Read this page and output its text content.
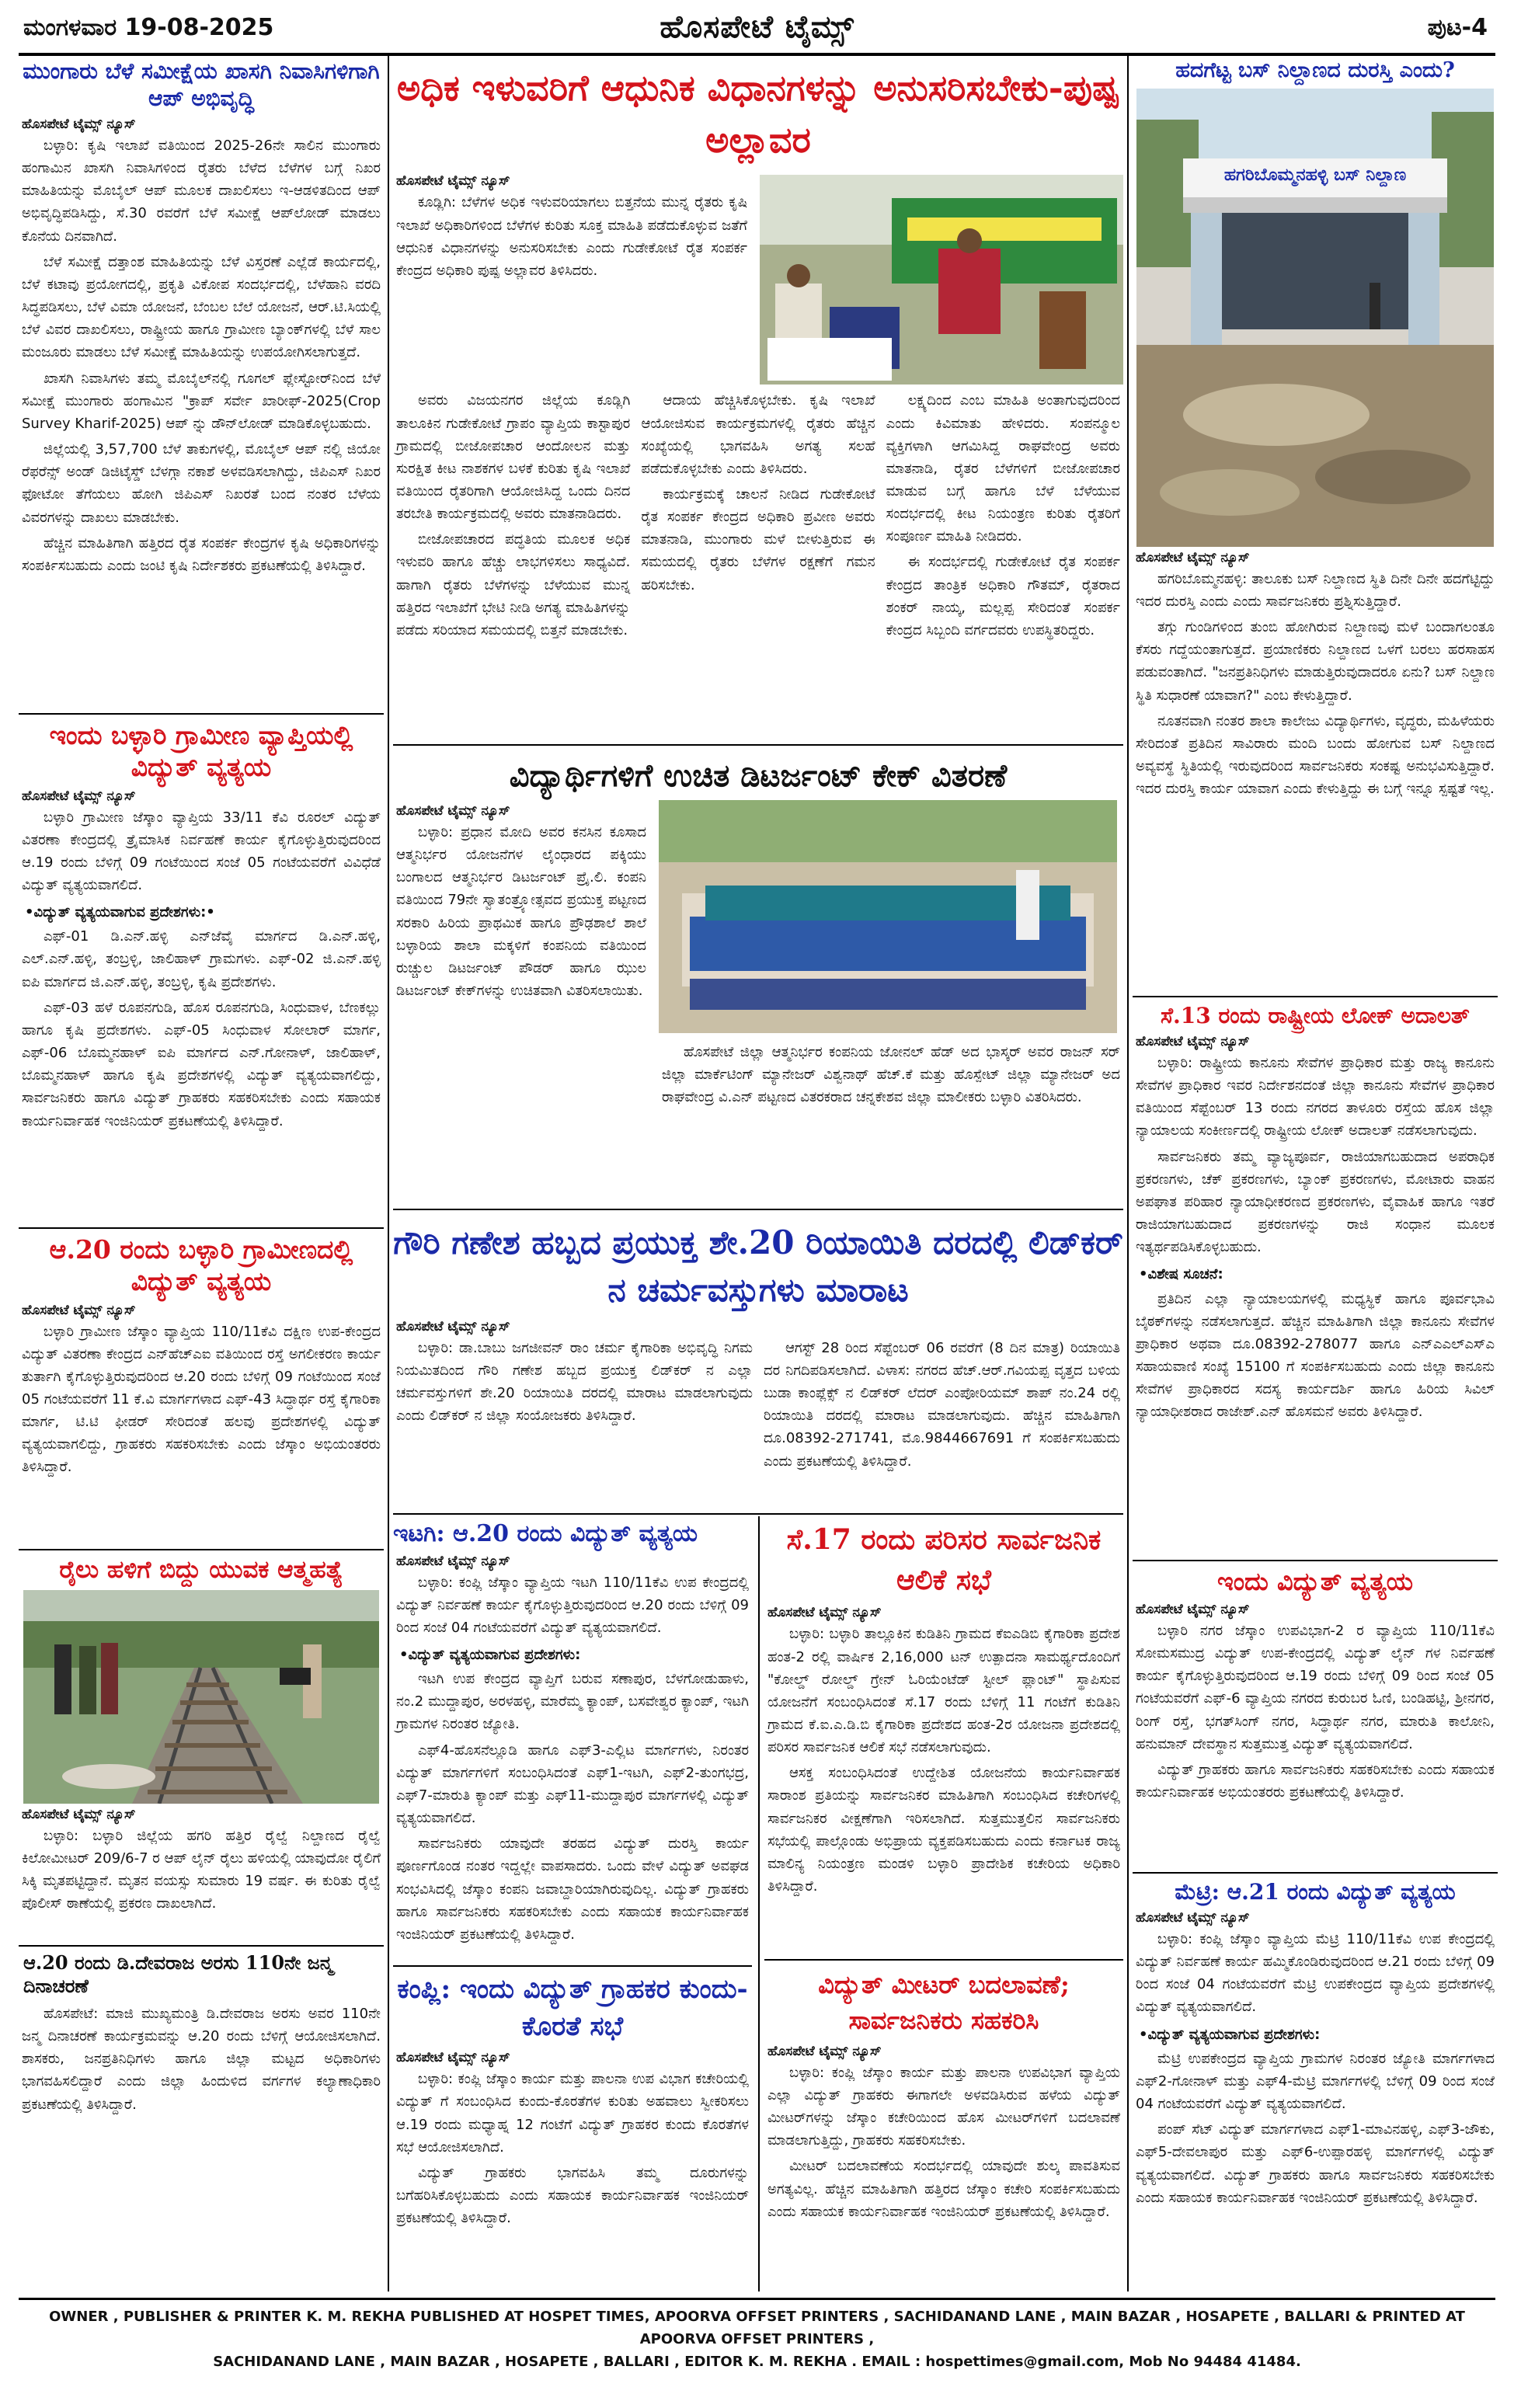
ಮಂಗಳವಾರ 19-08-2025	ಹೊಸಪೇಟೆ ಟೈಮ್ಸ್	ಪುಟ-4
ಮುಂಗಾರು ಬೆಳೆ ಸಮೀಕ್ಷೆಯ ಖಾಸಗಿ ನಿವಾಸಿಗಳಿಗಾಗಿ ಆಪ್ ಅಭಿವೃದ್ಧಿ
ಹೊಸಪೇಟೆ ಟೈಮ್ಸ್ ನ್ಯೂಸ್

ಬಳ್ಳಾರಿ: ಕೃಷಿ ಇಲಾಖೆ ವತಿಯಿಂದ 2025-26ನೇ ಸಾಲಿನ ಮುಂಗಾರು ಹಂಗಾಮಿನ ಖಾಸಗಿ ನಿವಾಸಿಗಳಿಂದ ರೈತರು ಬೆಳೆದ ಬೆಳೆಗಳ ಬಗ್ಗೆ ನಿಖರ ಮಾಹಿತಿಯನ್ನು ಮೊಬೈಲ್ ಆಪ್ ಮೂಲಕ ದಾಖಲಿಸಲು ಇ-ಆಡಳಿತದಿಂದ ಆಪ್ ಅಭಿವೃದ್ಧಿಪಡಿಸಿದ್ದು, ಸೆ.30 ರವರೆಗೆ ಬೆಳೆ ಸಮೀಕ್ಷೆ ಆಪ್‌ಲೋಡ್ ಮಾಡಲು ಕೊನೆಯ ದಿನವಾಗಿದೆ.

ಬೆಳೆ ಸಮೀಕ್ಷೆ ದತ್ತಾಂಶ ಮಾಹಿತಿಯನ್ನು ಬೆಳೆ ವಿಸ್ತರಣೆ ಎಲ್ಲೆಡೆ ಕಾರ್ಯದಲ್ಲಿ, ಬೆಳೆ ಕಟಾವು ಪ್ರಯೋಗದಲ್ಲಿ, ಪ್ರಕೃತಿ ವಿಕೋಪ ಸಂದರ್ಭದಲ್ಲಿ, ಬೆಳೆಹಾನಿ ವರದಿ ಸಿದ್ಧಪಡಿಸಲು, ಬೆಳೆ ವಿಮಾ ಯೋಜನೆ, ಬೆಂಬಲ ಬೆಲೆ ಯೋಜನೆ, ಆರ್.ಟಿ.ಸಿಯಲ್ಲಿ ಬೆಳೆ ವಿವರ ದಾಖಲಿಸಲು, ರಾಷ್ಟ್ರೀಯ ಹಾಗೂ ಗ್ರಾಮೀಣ ಬ್ಯಾಂಕ್‌ಗಳಲ್ಲಿ ಬೆಳೆ ಸಾಲ ಮಂಜೂರು ಮಾಡಲು ಬೆಳೆ ಸಮೀಕ್ಷೆ ಮಾಹಿತಿಯನ್ನು ಉಪಯೋಗಿಸಲಾಗುತ್ತದೆ.

ಖಾಸಗಿ ನಿವಾಸಿಗಳು ತಮ್ಮ ಮೊಬೈಲ್‌ನಲ್ಲಿ ಗೂಗಲ್ ಪ್ಲೇಸ್ಟೋರ್‌ನಿಂದ ಬೆಳೆ ಸಮೀಕ್ಷೆ ಮುಂಗಾರು ಹಂಗಾಮಿನ "ಕ್ರಾಪ್ ಸರ್ವೇ ಖಾರೀಫ್-2025(Crop Survey Kharif-2025) ಆಪ್ ನ್ನು ಡೌನ್‌ಲೋಡ್ ಮಾಡಿಕೊಳ್ಳಬಹುದು.

ಜಿಲ್ಲೆಯಲ್ಲಿ 3,57,700 ಬೆಳೆ ತಾಕುಗಳಲ್ಲಿ, ಮೊಬೈಲ್ ಆಪ್ ನಲ್ಲಿ ಜಿಯೋ ರೆಫರೆನ್ಸ್ ಅಂಡ್ ಡಿಜಿಟೈಸ್ಡ್ ಬೆಳಗ್ಗಾ ನಕಾಶೆ ಅಳವಡಿಸಲಾಗಿದ್ದು, ಜಿಪಿಎಸ್ ನಿಖರ ಫೋಟೋ ತೆಗೆಯಲು ಹೋಗಿ ಜಿಪಿಎಸ್ ನಿಖರತೆ ಬಂದ ನಂತರ ಬೆಳೆಯ ವಿವರಗಳನ್ನು ದಾಖಲು ಮಾಡಬೇಕು.

ಹೆಚ್ಚಿನ ಮಾಹಿತಿಗಾಗಿ ಹತ್ತಿರದ ರೈತ ಸಂಪರ್ಕ ಕೇಂದ್ರಗಳ ಕೃಷಿ ಅಧಿಕಾರಿಗಳನ್ನು ಸಂಪರ್ಕಿಸಬಹುದು ಎಂದು ಜಂಟಿ ಕೃಷಿ ನಿರ್ದೇಶಕರು ಪ್ರಕಟಣೆಯಲ್ಲಿ ತಿಳಿಸಿದ್ದಾರೆ.

ಇಂದು ಬಳ್ಳಾರಿ ಗ್ರಾಮೀಣ ವ್ಯಾಪ್ತಿಯಲ್ಲಿ ವಿದ್ಯುತ್ ವ್ಯತ್ಯಯ
ಹೊಸಪೇಟೆ ಟೈಮ್ಸ್ ನ್ಯೂಸ್

ಬಳ್ಳಾರಿ ಗ್ರಾಮೀಣ ಜೆಸ್ಕಾಂ ವ್ಯಾಪ್ತಿಯ 33/11 ಕೆವಿ ರೂರಲ್ ವಿದ್ಯುತ್ ವಿತರಣಾ ಕೇಂದ್ರದಲ್ಲಿ ತ್ರೈಮಾಸಿಕ ನಿರ್ವಹಣೆ ಕಾರ್ಯ ಕೈಗೊಳ್ಳುತ್ತಿರುವುದರಿಂದ ಆ.19 ರಂದು ಬೆಳಿಗ್ಗೆ 09 ಗಂಟೆಯಿಂದ ಸಂಜೆ 05 ಗಂಟೆಯವರೆಗೆ ವಿವಿಧೆಡೆ ವಿದ್ಯುತ್ ವ್ಯತ್ಯಯವಾಗಲಿದೆ.

•ವಿದ್ಯುತ್ ವ್ಯತ್ಯಯವಾಗುವ ಪ್ರದೇಶಗಳು:•

ಎಫ್-01 ಡಿ.ಎನ್.ಹಳ್ಳಿ ಎನ್‌ಜೆವೈ ಮಾರ್ಗದ ಡಿ.ಎನ್.ಹಳ್ಳಿ, ಎಲ್.ಎನ್.ಹಳ್ಳಿ, ತಂಬ್ರಳ್ಳಿ, ಜಾಲಿಹಾಳ್ ಗ್ರಾಮಗಳು. ಎಫ್-02 ಜಿ.ಎನ್.ಹಳ್ಳಿ ಐಪಿ ಮಾರ್ಗದ ಜಿ.ಎನ್.ಹಳ್ಳಿ, ತಂಬ್ರಳ್ಳಿ, ಕೃಷಿ ಪ್ರದೇಶಗಳು.

ಎಫ್-03 ಹಳೆ ರೂಪನಗುಡಿ, ಹೊಸ ರೂಪನಗುಡಿ, ಸಿಂಧುವಾಳ, ಬೆಣಕಲ್ಲು ಹಾಗೂ ಕೃಷಿ ಪ್ರದೇಶಗಳು. ಎಫ್-05 ಸಿಂಧುವಾಳ ಸೋಲಾರ್ ಮಾರ್ಗ, ಎಫ್-06 ಬೊಮ್ಮನಹಾಳ್ ಐಪಿ ಮಾರ್ಗದ ಎನ್.ಗೋನಾಳ್, ಜಾಲಿಹಾಳ್, ಬೊಮ್ಮನಹಾಳ್ ಹಾಗೂ ಕೃಷಿ ಪ್ರದೇಶಗಳಲ್ಲಿ ವಿದ್ಯುತ್ ವ್ಯತ್ಯಯವಾಗಲಿದ್ದು, ಸಾರ್ವಜನಿಕರು ಹಾಗೂ ವಿದ್ಯುತ್ ಗ್ರಾಹಕರು ಸಹಕರಿಸಬೇಕು ಎಂದು ಸಹಾಯಕ ಕಾರ್ಯನಿರ್ವಾಹಕ ಇಂಜಿನಿಯರ್ ಪ್ರಕಟಣೆಯಲ್ಲಿ ತಿಳಿಸಿದ್ದಾರೆ.

ಆ.20 ರಂದು ಬಳ್ಳಾರಿ ಗ್ರಾಮೀಣದಲ್ಲಿ ವಿದ್ಯುತ್ ವ್ಯತ್ಯಯ
ಹೊಸಪೇಟೆ ಟೈಮ್ಸ್ ನ್ಯೂಸ್

ಬಳ್ಳಾರಿ ಗ್ರಾಮೀಣ ಜೆಸ್ಕಾಂ ವ್ಯಾಪ್ತಿಯ 110/11ಕೆವಿ ದಕ್ಷಿಣ ಉಪ-ಕೇಂದ್ರದ ವಿದ್ಯುತ್ ವಿತರಣಾ ಕೇಂದ್ರದ ಎನ್‌ಹೆಚ್‌ಎಐ ವತಿಯಿಂದ ರಸ್ತೆ ಅಗಲೀಕರಣ ಕಾರ್ಯ ತುರ್ತಾಗಿ ಕೈಗೊಳ್ಳುತ್ತಿರುವುದರಿಂದ ಆ.20 ರಂದು ಬೆಳಿಗ್ಗೆ 09 ಗಂಟೆಯಿಂದ ಸಂಜೆ 05 ಗಂಟೆಯವರೆಗೆ 11 ಕೆ.ವಿ ಮಾರ್ಗಗಳಾದ ಎಫ್-43 ಸಿದ್ಧಾರ್ಥ ರಸ್ತೆ ಕೈಗಾರಿಕಾ ಮಾರ್ಗ, ಟಿ.ಟಿ ಫೀಡರ್ ಸೇರಿದಂತೆ ಹಲವು ಪ್ರದೇಶಗಳಲ್ಲಿ ವಿದ್ಯುತ್ ವ್ಯತ್ಯಯವಾಗಲಿದ್ದು, ಗ್ರಾಹಕರು ಸಹಕರಿಸಬೇಕು ಎಂದು ಜೆಸ್ಕಾಂ ಅಭಿಯಂತರರು ತಿಳಿಸಿದ್ದಾರೆ.

ರೈಲು ಹಳಿಗೆ ಬಿದ್ದು ಯುವಕ ಆತ್ಮಹತ್ಯೆ
ಹೊಸಪೇಟೆ ಟೈಮ್ಸ್ ನ್ಯೂಸ್

ಬಳ್ಳಾರಿ: ಬಳ್ಳಾರಿ ಜಿಲ್ಲೆಯ ಹಗರಿ ಹತ್ತಿರ ರೈಲ್ವೆ ನಿಲ್ದಾಣದ ರೈಲ್ವೆ ಕಿಲೋಮೀಟರ್ 209/6-7 ರ ಆಪ್ ಲೈನ್ ರೈಲು ಹಳಿಯಲ್ಲಿ ಯಾವುದೋ ರೈಲಿಗೆ ಸಿಕ್ಕಿ ಮೃತಪಟ್ಟಿದ್ದಾನೆ. ಮೃತನ ವಯಸ್ಸು ಸುಮಾರು 19 ವರ್ಷ. ಈ ಕುರಿತು ರೈಲ್ವೆ ಪೊಲೀಸ್ ಠಾಣೆಯಲ್ಲಿ ಪ್ರಕರಣ ದಾಖಲಾಗಿದೆ.

ಆ.20 ರಂದು ಡಿ.ದೇವರಾಜ ಅರಸು 110ನೇ ಜನ್ಮ ದಿನಾಚರಣೆ

ಹೊಸಪೇಟೆ: ಮಾಜಿ ಮುಖ್ಯಮಂತ್ರಿ ಡಿ.ದೇವರಾಜ ಅರಸು ಅವರ 110ನೇ ಜನ್ಮ ದಿನಾಚರಣೆ ಕಾರ್ಯಕ್ರಮವನ್ನು ಆ.20 ರಂದು ಬೆಳಿಗ್ಗೆ ಆಯೋಜಿಸಲಾಗಿದೆ. ಶಾಸಕರು, ಜನಪ್ರತಿನಿಧಿಗಳು ಹಾಗೂ ಜಿಲ್ಲಾ ಮಟ್ಟದ ಅಧಿಕಾರಿಗಳು ಭಾಗವಹಿಸಲಿದ್ದಾರೆ ಎಂದು ಜಿಲ್ಲಾ ಹಿಂದುಳಿದ ವರ್ಗಗಳ ಕಲ್ಯಾಣಾಧಿಕಾರಿ ಪ್ರಕಟಣೆಯಲ್ಲಿ ತಿಳಿಸಿದ್ದಾರೆ.

ಅಧಿಕ ಇಳುವರಿಗೆ ಆಧುನಿಕ ವಿಧಾನಗಳನ್ನು ಅನುಸರಿಸಬೇಕು-ಪುಷ್ಪ ಅಲ್ಲಾವರ
ಹೊಸಪೇಟೆ ಟೈಮ್ಸ್ ನ್ಯೂಸ್

ಕೂಡ್ಲಿಗಿ: ಬೆಳೆಗಳ ಅಧಿಕ ಇಳುವರಿಯಾಗಲು ಬಿತ್ತನೆಯ ಮುನ್ನ ರೈತರು ಕೃಷಿ ಇಲಾಖೆ ಅಧಿಕಾರಿಗಳಿಂದ ಬೆಳೆಗಳ ಕುರಿತು ಸೂಕ್ತ ಮಾಹಿತಿ ಪಡೆದುಕೊಳ್ಳುವ ಜತೆಗೆ ಆಧುನಿಕ ವಿಧಾನಗಳನ್ನು ಅನುಸರಿಸಬೇಕು ಎಂದು ಗುಡೇಕೋಟೆ ರೈತ ಸಂಪರ್ಕ ಕೇಂದ್ರದ ಅಧಿಕಾರಿ ಪುಷ್ಪ ಅಲ್ಲಾವರ ತಿಳಿಸಿದರು.

ಅವರು ವಿಜಯನಗರ ಜಿಲ್ಲೆಯ ಕೂಡ್ಲಿಗಿ ತಾಲೂಕಿನ ಗುಡೇಕೋಟೆ ಗ್ರಾಪಂ ವ್ಯಾಪ್ತಿಯ ಕಾಸ್ಟಾಪುರ ಗ್ರಾಮದಲ್ಲಿ ಬೀಜೋಪಚಾರ ಆಂದೋಲನ ಮತ್ತು ಸುರಕ್ಷಿತ ಕೀಟ ನಾಶಕಗಳ ಬಳಕೆ ಕುರಿತು ಕೃಷಿ ಇಲಾಖೆ ವತಿಯಿಂದ ರೈತರಿಗಾಗಿ ಆಯೋಜಿಸಿದ್ದ ಒಂದು ದಿನದ ತರಬೇತಿ ಕಾರ್ಯಕ್ರಮದಲ್ಲಿ ಅವರು ಮಾತನಾಡಿದರು.

ಬೀಜೋಪಚಾರದ ಪದ್ಧತಿಯ ಮೂಲಕ ಅಧಿಕ ಇಳುವರಿ ಹಾಗೂ ಹೆಚ್ಚು ಲಾಭಗಳಿಸಲು ಸಾಧ್ಯವಿದೆ. ಹಾಗಾಗಿ ರೈತರು ಬೆಳೆಗಳನ್ನು ಬೆಳೆಯುವ ಮುನ್ನ ಹತ್ತಿರದ ಇಲಾಖೆಗೆ ಭೇಟಿ ನೀಡಿ ಅಗತ್ಯ ಮಾಹಿತಿಗಳನ್ನು ಪಡೆದು ಸರಿಯಾದ ಸಮಯದಲ್ಲಿ ಬಿತ್ತನೆ ಮಾಡಬೇಕು.

ಆದಾಯ ಹೆಚ್ಚಿಸಿಕೊಳ್ಳಬೇಕು. ಕೃಷಿ ಇಲಾಖೆ ಆಯೋಜಿಸುವ ಕಾರ್ಯಕ್ರಮಗಳಲ್ಲಿ ರೈತರು ಹೆಚ್ಚಿನ ಸಂಖ್ಯೆಯಲ್ಲಿ ಭಾಗವಹಿಸಿ ಅಗತ್ಯ ಸಲಹೆ ಪಡೆದುಕೊಳ್ಳಬೇಕು ಎಂದು ತಿಳಿಸಿದರು.

ಕಾರ್ಯಕ್ರಮಕ್ಕೆ ಚಾಲನೆ ನೀಡಿದ ಗುಡೇಕೋಟೆ ರೈತ ಸಂಪರ್ಕ ಕೇಂದ್ರದ ಅಧಿಕಾರಿ ಪ್ರವೀಣ ಅವರು ಮಾತನಾಡಿ, ಮುಂಗಾರು ಮಳೆ ಬೀಳುತ್ತಿರುವ ಈ ಸಮಯದಲ್ಲಿ ರೈತರು ಬೆಳೆಗಳ ರಕ್ಷಣೆಗೆ ಗಮನ ಹರಿಸಬೇಕು.

ಲಕ್ಷ್ಯದಿಂದ ಎಂಬ ಮಾಹಿತಿ ಅಂತಾಗುವುದರಿಂದ ಎಂದು ಕಿವಿಮಾತು ಹೇಳಿದರು. ಸಂಪನ್ಮೂಲ ವ್ಯಕ್ತಿಗಳಾಗಿ ಆಗಮಿಸಿದ್ದ ರಾಘವೇಂದ್ರ ಅವರು ಮಾತನಾಡಿ, ರೈತರ ಬೆಳೆಗಳಿಗೆ ಬೀಜೋಪಚಾರ ಮಾಡುವ ಬಗ್ಗೆ ಹಾಗೂ ಬೆಳೆ ಬೆಳೆಯುವ ಸಂದರ್ಭದಲ್ಲಿ ಕೀಟ ನಿಯಂತ್ರಣ ಕುರಿತು ರೈತರಿಗೆ ಸಂಪೂರ್ಣ ಮಾಹಿತಿ ನೀಡಿದರು.

ಈ ಸಂದರ್ಭದಲ್ಲಿ ಗುಡೇಕೋಟೆ ರೈತ ಸಂಪರ್ಕ ಕೇಂದ್ರದ ತಾಂತ್ರಿಕ ಅಧಿಕಾರಿ ಗೌತಮ್, ರೈತರಾದ ಶಂಕರ್ ನಾಯ್ಕ, ಮಲ್ಲಪ್ಪ ಸೇರಿದಂತೆ ಸಂಪರ್ಕ ಕೇಂದ್ರದ ಸಿಬ್ಬಂದಿ ವರ್ಗದವರು ಉಪಸ್ಥಿತರಿದ್ದರು.

ವಿದ್ಯಾರ್ಥಿಗಳಿಗೆ ಉಚಿತ ಡಿಟರ್ಜಂಟ್ ಕೇಕ್ ವಿತರಣೆ
ಹೊಸಪೇಟೆ ಟೈಮ್ಸ್ ನ್ಯೂಸ್

ಬಳ್ಳಾರಿ: ಪ್ರಧಾನ ಮೋದಿ ಅವರ ಕನಸಿನ ಕೂಸಾದ ಆತ್ಮನಿರ್ಭರ ಯೋಜನೆಗಳ ಲೈಂಧಾರದ ಪಕ್ಕಿಯು ಬಂಗಾಲದ ಆತ್ಮನಿರ್ಭರ ಡಿಟರ್ಜಂಟ್ ಪ್ರೈ.ಲಿ. ಕಂಪನಿ ವತಿಯಿಂದ 79ನೇ ಸ್ವಾತಂತ್ರ್ಯೋತ್ಸವದ ಪ್ರಯುಕ್ತ ಪಟ್ಟಣದ ಸರಕಾರಿ ಹಿರಿಯ ಪ್ರಾಥಮಿಕ ಹಾಗೂ ಪ್ರೌಢಶಾಲೆ ಶಾಲೆ ಬಳ್ಳಾರಿಯ ಶಾಲಾ ಮಕ್ಕಳಿಗೆ ಕಂಪನಿಯ ವತಿಯಿಂದ ರುಚ್ಚುಲ ಡಿಟರ್ಜಂಟ್ ಪೌಡರ್ ಹಾಗೂ ಝುಲ ಡಿಟರ್ಜಂಟ್ ಕೇಕ್‌ಗಳನ್ನು ಉಚಿತವಾಗಿ ವಿತರಿಸಲಾಯಿತು.

ಹೊಸಪೇಟೆ ಜಿಲ್ಲಾ ಆತ್ಮನಿರ್ಭರ ಕಂಪನಿಯ ಜೋನಲ್ ಹೆಡ್ ಅದ ಭಾಸ್ಕರ್ ಅವರ ರಾಜನ್ ಸರ್ ಜಿಲ್ಲಾ ಮಾರ್ಕೆಟಿಂಗ್ ಮ್ಯಾನೇಜರ್ ವಿಶ್ವನಾಥ್ ಹೆಚ್.ಕೆ ಮತ್ತು ಹೊಸ್ಪೇಟ್ ಜಿಲ್ಲಾ ಮ್ಯಾನೇಜರ್ ಅದ ರಾಘವೇಂದ್ರ ವಿ.ಎನ್ ಪಟ್ಟಣದ ವಿತರಕರಾದ ಚನ್ನಕೇಶವ ಜಿಲ್ಲಾ ಮಾಲೀಕರು ಬಳ್ಳಾರಿ ವಿತರಿಸಿದರು.

ಗೌರಿ ಗಣೇಶ ಹಬ್ಬದ ಪ್ರಯುಕ್ತ ಶೇ.20 ರಿಯಾಯಿತಿ ದರದಲ್ಲಿ ಲಿಡ್‌ಕರ್ ನ ಚರ್ಮವಸ್ತುಗಳು ಮಾರಾಟ
ಹೊಸಪೇಟೆ ಟೈಮ್ಸ್ ನ್ಯೂಸ್

ಬಳ್ಳಾರಿ: ಡಾ.ಬಾಬು ಜಗಜೀವನ್ ರಾಂ ಚರ್ಮ ಕೈಗಾರಿಕಾ ಅಭಿವೃದ್ಧಿ ನಿಗಮ ನಿಯಮಿತದಿಂದ ಗೌರಿ ಗಣೇಶ ಹಬ್ಬದ ಪ್ರಯುಕ್ತ ಲಿಡ್‌ಕರ್ ನ ಎಲ್ಲಾ ಚರ್ಮವಸ್ತುಗಳಿಗೆ ಶೇ.20 ರಿಯಾಯಿತಿ ದರದಲ್ಲಿ ಮಾರಾಟ ಮಾಡಲಾಗುವುದು ಎಂದು ಲಿಡ್‌ಕರ್ ನ ಜಿಲ್ಲಾ ಸಂಯೋಜಕರು ತಿಳಿಸಿದ್ದಾರೆ.

ಆಗಸ್ಟ್ 28 ರಿಂದ ಸೆಪ್ಟೆಂಬರ್ 06 ರವರೆಗೆ (8 ದಿನ ಮಾತ್ರ) ರಿಯಾಯಿತಿ ದರ ನಿಗದಿಪಡಿಸಲಾಗಿದೆ. ವಿಳಾಸ: ನಗರದ ಹೆಚ್.ಆರ್.ಗವಿಯಪ್ಪ ವೃತ್ತದ ಬಳಿಯ ಬುಡಾ ಕಾಂಪ್ಲೆಕ್ಸ್ ನ ಲಿಡ್‌ಕರ್ ಲೆದರ್ ಎಂಪೋರಿಯಮ್ ಶಾಪ್ ನಂ.24 ರಲ್ಲಿ ರಿಯಾಯಿತಿ ದರದಲ್ಲಿ ಮಾರಾಟ ಮಾಡಲಾಗುವುದು. ಹೆಚ್ಚಿನ ಮಾಹಿತಿಗಾಗಿ ದೂ.08392-271741, ಮೊ.9844667691 ಗೆ ಸಂಪರ್ಕಿಸಬಹುದು ಎಂದು ಪ್ರಕಟಣೆಯಲ್ಲಿ ತಿಳಿಸಿದ್ದಾರೆ.

ಇಟಗಿ: ಆ.20 ರಂದು ವಿದ್ಯುತ್ ವ್ಯತ್ಯಯ
ಹೊಸಪೇಟೆ ಟೈಮ್ಸ್ ನ್ಯೂಸ್

ಬಳ್ಳಾರಿ: ಕಂಪ್ಲಿ ಜೆಸ್ಕಾಂ ವ್ಯಾಪ್ತಿಯ ಇಟಗಿ 110/11ಕೆವಿ ಉಪ ಕೇಂದ್ರದಲ್ಲಿ ವಿದ್ಯುತ್ ನಿರ್ವಹಣೆ ಕಾರ್ಯ ಕೈಗೊಳ್ಳುತ್ತಿರುವುದರಿಂದ ಆ.20 ರಂದು ಬೆಳಿಗ್ಗೆ 09 ರಿಂದ ಸಂಜೆ 04 ಗಂಟೆಯವರೆಗೆ ವಿದ್ಯುತ್ ವ್ಯತ್ಯಯವಾಗಲಿದೆ.

•ವಿದ್ಯುತ್ ವ್ಯತ್ಯಯವಾಗುವ ಪ್ರದೇಶಗಳು:

ಇಟಗಿ ಉಪ ಕೇಂದ್ರದ ವ್ಯಾಪ್ತಿಗೆ ಬರುವ ಸಣಾಪುರ, ಬೆಳಗೋಡುಹಾಳು, ನಂ.2 ಮುದ್ದಾಪುರ, ಅರಳಹಳ್ಳಿ, ಮಾರೆಮ್ಮ ಕ್ಯಾಂಪ್, ಬಸವೇಶ್ವರ ಕ್ಯಾಂಪ್, ಇಟಗಿ ಗ್ರಾಮಗಳ ನಿರಂತರ ಜ್ಯೋತಿ.

ಎಫ್4-ಹೊಸನೆಲ್ಲೂಡಿ ಹಾಗೂ ಎಫ್3-ಎಲ್ಲಿಟ ಮಾರ್ಗಗಳು, ನಿರಂತರ ವಿದ್ಯುತ್ ಮಾರ್ಗಗಳಿಗೆ ಸಂಬಂಧಿಸಿದಂತೆ ಎಫ್1-ಇಟಗಿ, ಎಫ್2-ತುಂಗಭದ್ರ, ಎಫ್7-ಮಾರುತಿ ಕ್ಯಾಂಪ್ ಮತ್ತು ಎಫ್11-ಮುದ್ದಾಪುರ ಮಾರ್ಗಗಳಲ್ಲಿ ವಿದ್ಯುತ್ ವ್ಯತ್ಯಯವಾಗಲಿದೆ.

ಸಾರ್ವಜನಿಕರು ಯಾವುದೇ ತರಹದ ವಿದ್ಯುತ್ ದುರಸ್ತಿ ಕಾರ್ಯ ಪೂರ್ಣಗೊಂಡ ನಂತರ ಇದ್ದಲ್ಲೇ ವಾಪಸಾದರು. ಒಂದು ವೇಳೆ ವಿದ್ಯುತ್ ಅವಘಡ ಸಂಭವಿಸಿದಲ್ಲಿ ಜೆಸ್ಕಾಂ ಕಂಪನಿ ಜವಾಬ್ದಾರಿಯಾಗಿರುವುದಿಲ್ಲ. ವಿದ್ಯುತ್ ಗ್ರಾಹಕರು ಹಾಗೂ ಸಾರ್ವಜನಿಕರು ಸಹಕರಿಸಬೇಕು ಎಂದು ಸಹಾಯಕ ಕಾರ್ಯನಿರ್ವಾಹಕ ಇಂಜಿನಿಯರ್ ಪ್ರಕಟಣೆಯಲ್ಲಿ ತಿಳಿಸಿದ್ದಾರೆ.

ಕಂಪ್ಲಿ: ಇಂದು ವಿದ್ಯುತ್ ಗ್ರಾಹಕರ ಕುಂದು-ಕೊರತೆ ಸಭೆ
ಹೊಸಪೇಟೆ ಟೈಮ್ಸ್ ನ್ಯೂಸ್

ಬಳ್ಳಾರಿ: ಕಂಪ್ಲಿ ಜೆಸ್ಕಾಂ ಕಾರ್ಯ ಮತ್ತು ಪಾಲನಾ ಉಪ ವಿಭಾಗ ಕಚೇರಿಯಲ್ಲಿ ವಿದ್ಯುತ್ ಗೆ ಸಂಬಂಧಿಸಿದ ಕುಂದು-ಕೊರತೆಗಳ ಕುರಿತು ಅಹವಾಲು ಸ್ವೀಕರಿಸಲು ಆ.19 ರಂದು ಮಧ್ಯಾಹ್ನ 12 ಗಂಟೆಗೆ ವಿದ್ಯುತ್ ಗ್ರಾಹಕರ ಕುಂದು ಕೊರತೆಗಳ ಸಭೆ ಆಯೋಜಿಸಲಾಗಿದೆ.

ವಿದ್ಯುತ್ ಗ್ರಾಹಕರು ಭಾಗವಹಿಸಿ ತಮ್ಮ ದೂರುಗಳನ್ನು ಬಗೆಹರಿಸಿಕೊಳ್ಳಬಹುದು ಎಂದು ಸಹಾಯಕ ಕಾರ್ಯನಿರ್ವಾಹಕ ಇಂಜಿನಿಯರ್ ಪ್ರಕಟಣೆಯಲ್ಲಿ ತಿಳಿಸಿದ್ದಾರೆ.

ಸೆ.17 ರಂದು ಪರಿಸರ ಸಾರ್ವಜನಿಕ ಆಲಿಕೆ ಸಭೆ
ಹೊಸಪೇಟೆ ಟೈಮ್ಸ್ ನ್ಯೂಸ್

ಬಳ್ಳಾರಿ: ಬಳ್ಳಾರಿ ತಾಲ್ಲೂಕಿನ ಕುಡಿತಿನಿ ಗ್ರಾಮದ ಕೆಐಎಡಿಬಿ ಕೈಗಾರಿಕಾ ಪ್ರದೇಶ ಹಂತ-2 ರಲ್ಲಿ ವಾರ್ಷಿಕ 2,16,000 ಟನ್ ಉತ್ಪಾದನಾ ಸಾಮರ್ಥ್ಯದೊಂದಿಗೆ "ಕೋಲ್ಡ್ ರೋಲ್ಡ್ ಗ್ರೇನ್ ಓರಿಯೆಂಟೆಡ್ ಸ್ಟೀಲ್ ಪ್ಲಾಂಟ್" ಸ್ಥಾಪಿಸುವ ಯೋಜನೆಗೆ ಸಂಬಂಧಿಸಿದಂತೆ ಸೆ.17 ರಂದು ಬೆಳಿಗ್ಗೆ 11 ಗಂಟೆಗೆ ಕುಡಿತಿನಿ ಗ್ರಾಮದ ಕೆ.ಐ.ಎ.ಡಿ.ಬಿ ಕೈಗಾರಿಕಾ ಪ್ರದೇಶದ ಹಂತ-2ರ ಯೋಜನಾ ಪ್ರದೇಶದಲ್ಲಿ ಪರಿಸರ ಸಾರ್ವಜನಿಕ ಆಲಿಕೆ ಸಭೆ ನಡೆಸಲಾಗುವುದು.

ಆಸಕ್ತ ಸಂಬಂಧಿಸಿದಂತೆ ಉದ್ದೇಶಿತ ಯೋಜನೆಯ ಕಾರ್ಯನಿರ್ವಾಹಕ ಸಾರಾಂಶ ಪ್ರತಿಯನ್ನು ಸಾರ್ವಜನಿಕರ ಮಾಹಿತಿಗಾಗಿ ಸಂಬಂಧಿಸಿದ ಕಚೇರಿಗಳಲ್ಲಿ ಸಾರ್ವಜನಿಕರ ವೀಕ್ಷಣೆಗಾಗಿ ಇರಿಸಲಾಗಿದೆ. ಸುತ್ತಮುತ್ತಲಿನ ಸಾರ್ವಜನಿಕರು ಸಭೆಯಲ್ಲಿ ಪಾಲ್ಗೊಂಡು ಅಭಿಪ್ರಾಯ ವ್ಯಕ್ತಪಡಿಸಬಹುದು ಎಂದು ಕರ್ನಾಟಕ ರಾಜ್ಯ ಮಾಲಿನ್ಯ ನಿಯಂತ್ರಣ ಮಂಡಳಿ ಬಳ್ಳಾರಿ ಪ್ರಾದೇಶಿಕ ಕಚೇರಿಯ ಅಧಿಕಾರಿ ತಿಳಿಸಿದ್ದಾರೆ.

ವಿದ್ಯುತ್ ಮೀಟರ್ ಬದಲಾವಣೆ; ಸಾರ್ವಜನಿಕರು ಸಹಕರಿಸಿ
ಹೊಸಪೇಟೆ ಟೈಮ್ಸ್ ನ್ಯೂಸ್

ಬಳ್ಳಾರಿ: ಕಂಪ್ಲಿ ಜೆಸ್ಕಾಂ ಕಾರ್ಯ ಮತ್ತು ಪಾಲನಾ ಉಪವಿಭಾಗ ವ್ಯಾಪ್ತಿಯ ಎಲ್ಲಾ ವಿದ್ಯುತ್ ಗ್ರಾಹಕರು ಈಗಾಗಲೇ ಅಳವಡಿಸಿರುವ ಹಳೆಯ ವಿದ್ಯುತ್ ಮೀಟರ್‌ಗಳನ್ನು ಜೆಸ್ಕಾಂ ಕಚೇರಿಯಿಂದ ಹೊಸ ಮೀಟರ್‌ಗಳಿಗೆ ಬದಲಾವಣೆ ಮಾಡಲಾಗುತ್ತಿದ್ದು, ಗ್ರಾಹಕರು ಸಹಕರಿಸಬೇಕು.

ಮೀಟರ್ ಬದಲಾವಣೆಯ ಸಂದರ್ಭದಲ್ಲಿ ಯಾವುದೇ ಶುಲ್ಕ ಪಾವತಿಸುವ ಅಗತ್ಯವಿಲ್ಲ. ಹೆಚ್ಚಿನ ಮಾಹಿತಿಗಾಗಿ ಹತ್ತಿರದ ಜೆಸ್ಕಾಂ ಕಚೇರಿ ಸಂಪರ್ಕಿಸಬಹುದು ಎಂದು ಸಹಾಯಕ ಕಾರ್ಯನಿರ್ವಾಹಕ ಇಂಜಿನಿಯರ್ ಪ್ರಕಟಣೆಯಲ್ಲಿ ತಿಳಿಸಿದ್ದಾರೆ.

ಹದಗೆಟ್ಟ ಬಸ್ ನಿಲ್ದಾಣದ ದುರಸ್ತಿ ಎಂದು?
ಹಗರಿಬೊಮ್ಮನಹಳ್ಳಿ ಬಸ್ ನಿಲ್ದಾಣ
ಹೊಸಪೇಟೆ ಟೈಮ್ಸ್ ನ್ಯೂಸ್

ಹಗರಿಬೊಮ್ಮನಹಳ್ಳಿ: ತಾಲೂಕು ಬಸ್ ನಿಲ್ದಾಣದ ಸ್ಥಿತಿ ದಿನೇ ದಿನೇ ಹದಗೆಟ್ಟಿದ್ದು ಇದರ ದುರಸ್ತಿ ಎಂದು ಎಂದು ಸಾರ್ವಜನಿಕರು ಪ್ರಶ್ನಿಸುತ್ತಿದ್ದಾರೆ.

ತಗ್ಗು ಗುಂಡಿಗಳಿಂದ ತುಂಬಿ ಹೋಗಿರುವ ನಿಲ್ದಾಣವು ಮಳೆ ಬಂದಾಗಲಂತೂ ಕೆಸರು ಗದ್ದೆಯಂತಾಗುತ್ತದೆ. ಪ್ರಯಾಣಿಕರು ನಿಲ್ದಾಣದ ಒಳಗೆ ಬರಲು ಹರಸಾಹಸ ಪಡುವಂತಾಗಿದೆ. "ಜನಪ್ರತಿನಿಧಿಗಳು ಮಾಡುತ್ತಿರುವುದಾದರೂ ಏನು? ಬಸ್ ನಿಲ್ದಾಣ ಸ್ಥಿತಿ ಸುಧಾರಣೆ ಯಾವಾಗ?" ಎಂಬ ಕೇಳುತ್ತಿದ್ದಾರೆ.

ನೂತನವಾಗಿ ನಂತರ ಶಾಲಾ ಕಾಲೇಜು ವಿದ್ಯಾರ್ಥಿಗಳು, ವೃದ್ಧರು, ಮಹಿಳೆಯರು ಸೇರಿದಂತೆ ಪ್ರತಿದಿನ ಸಾವಿರಾರು ಮಂದಿ ಬಂದು ಹೋಗುವ ಬಸ್ ನಿಲ್ದಾಣದ ಅವ್ಯವಸ್ಥೆ ಸ್ಥಿತಿಯಲ್ಲಿ ಇರುವುದರಿಂದ ಸಾರ್ವಜನಿಕರು ಸಂಕಷ್ಟ ಅನುಭವಿಸುತ್ತಿದ್ದಾರೆ. ಇದರ ದುರಸ್ತಿ ಕಾರ್ಯ ಯಾವಾಗ ಎಂದು ಕೇಳುತ್ತಿದ್ದು ಈ ಬಗ್ಗೆ ಇನ್ನೂ ಸ್ಪಷ್ಟತೆ ಇಲ್ಲ.

ಸೆ.13 ರಂದು ರಾಷ್ಟ್ರೀಯ ಲೋಕ್ ಅದಾಲತ್
ಹೊಸಪೇಟೆ ಟೈಮ್ಸ್ ನ್ಯೂಸ್

ಬಳ್ಳಾರಿ: ರಾಷ್ಟ್ರೀಯ ಕಾನೂನು ಸೇವೆಗಳ ಪ್ರಾಧಿಕಾರ ಮತ್ತು ರಾಜ್ಯ ಕಾನೂನು ಸೇವೆಗಳ ಪ್ರಾಧಿಕಾರ ಇವರ ನಿರ್ದೇಶನದಂತೆ ಜಿಲ್ಲಾ ಕಾನೂನು ಸೇವೆಗಳ ಪ್ರಾಧಿಕಾರ ವತಿಯಿಂದ ಸೆಪ್ಟೆಂಬರ್ 13 ರಂದು ನಗರದ ತಾಳೂರು ರಸ್ತೆಯ ಹೊಸ ಜಿಲ್ಲಾ ನ್ಯಾಯಾಲಯ ಸಂಕೀರ್ಣದಲ್ಲಿ ರಾಷ್ಟ್ರೀಯ ಲೋಕ್ ಅದಾಲತ್ ನಡೆಸಲಾಗುವುದು.

ಸಾರ್ವಜನಿಕರು ತಮ್ಮ ವ್ಯಾಜ್ಯಪೂರ್ವ, ರಾಜಿಯಾಗಬಹುದಾದ ಅಪರಾಧಿಕ ಪ್ರಕರಣಗಳು, ಚೆಕ್ ಪ್ರಕರಣಗಳು, ಬ್ಯಾಂಕ್ ಪ್ರಕರಣಗಳು, ಮೋಟಾರು ವಾಹನ ಅಪಘಾತ ಪರಿಹಾರ ನ್ಯಾಯಾಧೀಕರಣದ ಪ್ರಕರಣಗಳು, ವೈವಾಹಿಕ ಹಾಗೂ ಇತರೆ ರಾಜಿಯಾಗಬಹುದಾದ ಪ್ರಕರಣಗಳನ್ನು ರಾಜಿ ಸಂಧಾನ ಮೂಲಕ ಇತ್ಯರ್ಥಪಡಿಸಿಕೊಳ್ಳಬಹುದು.

•ವಿಶೇಷ ಸೂಚನೆ:

ಪ್ರತಿದಿನ ಎಲ್ಲಾ ನ್ಯಾಯಾಲಯಗಳಲ್ಲಿ ಮಧ್ಯಸ್ಥಿಕೆ ಹಾಗೂ ಪೂರ್ವಭಾವಿ ಬೈಠಕ್‌ಗಳನ್ನು ನಡೆಸಲಾಗುತ್ತದೆ. ಹೆಚ್ಚಿನ ಮಾಹಿತಿಗಾಗಿ ಜಿಲ್ಲಾ ಕಾನೂನು ಸೇವೆಗಳ ಪ್ರಾಧಿಕಾರ ಅಥವಾ ದೂ.08392-278077 ಹಾಗೂ ಎನ್‌ಎಎಲ್‌ಎಸ್‌ಎ ಸಹಾಯವಾಣಿ ಸಂಖ್ಯೆ 15100 ಗೆ ಸಂಪರ್ಕಿಸಬಹುದು ಎಂದು ಜಿಲ್ಲಾ ಕಾನೂನು ಸೇವೆಗಳ ಪ್ರಾಧಿಕಾರದ ಸದಸ್ಯ ಕಾರ್ಯದರ್ಶಿ ಹಾಗೂ ಹಿರಿಯ ಸಿವಿಲ್ ನ್ಯಾಯಾಧೀಶರಾದ ರಾಜೇಶ್.ಎನ್ ಹೊಸಮನೆ ಅವರು ತಿಳಿಸಿದ್ದಾರೆ.

ಇಂದು ವಿದ್ಯುತ್ ವ್ಯತ್ಯಯ
ಹೊಸಪೇಟೆ ಟೈಮ್ಸ್ ನ್ಯೂಸ್

ಬಳ್ಳಾರಿ ನಗರ ಜೆಸ್ಕಾಂ ಉಪವಿಭಾಗ-2 ರ ವ್ಯಾಪ್ತಿಯ 110/11ಕೆವಿ ಸೋಮಸಮುದ್ರ ವಿದ್ಯುತ್ ಉಪ-ಕೇಂದ್ರದಲ್ಲಿ ವಿದ್ಯುತ್ ಲೈನ್ ಗಳ ನಿರ್ವಹಣೆ ಕಾರ್ಯ ಕೈಗೊಳ್ಳುತ್ತಿರುವುದರಿಂದ ಆ.19 ರಂದು ಬೆಳಿಗ್ಗೆ 09 ರಿಂದ ಸಂಜೆ 05 ಗಂಟೆಯವರೆಗೆ ಎಫ್-6 ವ್ಯಾಪ್ತಿಯ ನಗರದ ಕುರುಬರ ಓಣಿ, ಬಂಡಿಹಟ್ಟಿ, ಶ್ರೀನಗರ, ರಿಂಗ್ ರಸ್ತೆ, ಭಗತ್‌ಸಿಂಗ್ ನಗರ, ಸಿದ್ಧಾರ್ಥ ನಗರ, ಮಾರುತಿ ಕಾಲೋನಿ, ಹನುಮಾನ್ ದೇವಸ್ಥಾನ ಸುತ್ತಮುತ್ತ ವಿದ್ಯುತ್ ವ್ಯತ್ಯಯವಾಗಲಿದೆ.

ವಿದ್ಯುತ್ ಗ್ರಾಹಕರು ಹಾಗೂ ಸಾರ್ವಜನಿಕರು ಸಹಕರಿಸಬೇಕು ಎಂದು ಸಹಾಯಕ ಕಾರ್ಯನಿರ್ವಾಹಕ ಅಭಿಯಂತರರು ಪ್ರಕಟಣೆಯಲ್ಲಿ ತಿಳಿಸಿದ್ದಾರೆ.

ಮೆಟ್ರಿ: ಆ.21 ರಂದು ವಿದ್ಯುತ್ ವ್ಯತ್ಯಯ
ಹೊಸಪೇಟೆ ಟೈಮ್ಸ್ ನ್ಯೂಸ್

ಬಳ್ಳಾರಿ: ಕಂಪ್ಲಿ ಜೆಸ್ಕಾಂ ವ್ಯಾಪ್ತಿಯ ಮೆಟ್ರಿ 110/11ಕೆವಿ ಉಪ ಕೇಂದ್ರದಲ್ಲಿ ವಿದ್ಯುತ್ ನಿರ್ವಹಣೆ ಕಾರ್ಯ ಹಮ್ಮಿಕೊಂಡಿರುವುದರಿಂದ ಆ.21 ರಂದು ಬೆಳಿಗ್ಗೆ 09 ರಿಂದ ಸಂಜೆ 04 ಗಂಟೆಯವರೆಗೆ ಮೆಟ್ರಿ ಉಪಕೇಂದ್ರದ ವ್ಯಾಪ್ತಿಯ ಪ್ರದೇಶಗಳಲ್ಲಿ ವಿದ್ಯುತ್ ವ್ಯತ್ಯಯವಾಗಲಿದೆ.

•ವಿದ್ಯುತ್ ವ್ಯತ್ಯಯವಾಗುವ ಪ್ರದೇಶಗಳು:

ಮೆಟ್ರಿ ಉಪಕೇಂದ್ರದ ವ್ಯಾಪ್ತಿಯ ಗ್ರಾಮಗಳ ನಿರಂತರ ಜ್ಯೋತಿ ಮಾರ್ಗಗಳಾದ ಎಫ್2-ಗೋನಾಳ್ ಮತ್ತು ಎಫ್4-ಮೆಟ್ರಿ ಮಾರ್ಗಗಳಲ್ಲಿ ಬೆಳಿಗ್ಗೆ 09 ರಿಂದ ಸಂಜೆ 04 ಗಂಟೆಯವರೆಗೆ ವಿದ್ಯುತ್ ವ್ಯತ್ಯಯವಾಗಲಿದೆ.

ಪಂಪ್ ಸೆಟ್ ವಿದ್ಯುತ್ ಮಾರ್ಗಗಳಾದ ಎಫ್1-ಮಾವಿನಹಳ್ಳಿ, ಎಫ್3-ಜೌಕು, ಎಫ್5-ದೇವಲಾಪುರ ಮತ್ತು ಎಫ್6-ಉಪ್ಪಾರಹಳ್ಳಿ ಮಾರ್ಗಗಳಲ್ಲಿ ವಿದ್ಯುತ್ ವ್ಯತ್ಯಯವಾಗಲಿದೆ. ವಿದ್ಯುತ್ ಗ್ರಾಹಕರು ಹಾಗೂ ಸಾರ್ವಜನಿಕರು ಸಹಕರಿಸಬೇಕು ಎಂದು ಸಹಾಯಕ ಕಾರ್ಯನಿರ್ವಾಹಕ ಇಂಜಿನಿಯರ್ ಪ್ರಕಟಣೆಯಲ್ಲಿ ತಿಳಿಸಿದ್ದಾರೆ.

OWNER , PUBLISHER & PRINTER K. M. REKHA PUBLISHED AT HOSPET TIMES, APOORVA OFFSET PRINTERS , SACHIDANAND LANE , MAIN BAZAR , HOSAPETE , BALLARI & PRINTED AT APOORVA OFFSET PRINTERS ,
SACHIDANAND LANE , MAIN BAZAR , HOSAPETE , BALLARI , EDITOR K. M. REKHA . EMAIL : hospettimes@gmail.com, Mob No 94484 41484.
